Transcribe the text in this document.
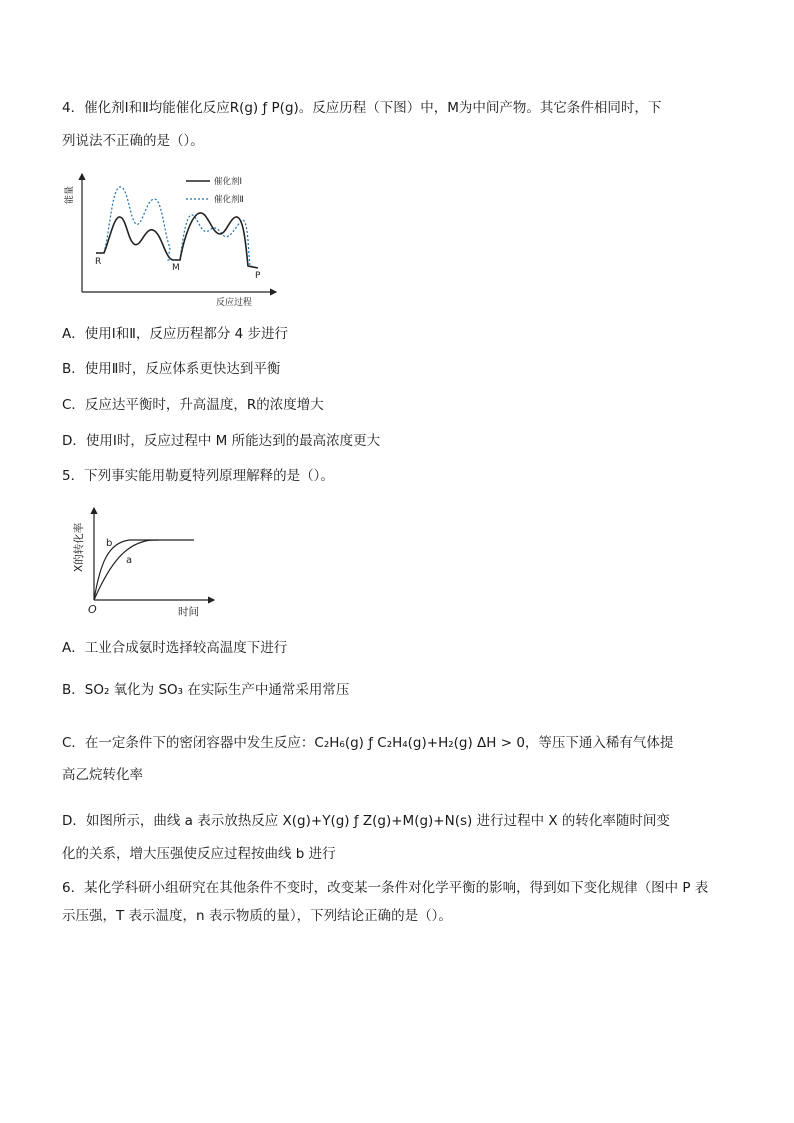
4．催化剂Ⅰ和Ⅱ均能催化反应R(g) ƒ P(g)。反应历程（下图）中，M为中间产物。其它条件相同时，下
列说法不正确的是（）。
能量
反应过程
催化剂Ⅰ
催化剂Ⅱ
R
M
P
A．使用Ⅰ和Ⅱ，反应历程都分 4 步进行
B．使用Ⅱ时，反应体系更快达到平衡
C．反应达平衡时，升高温度，R的浓度增大
D．使用Ⅰ时，反应过程中 M 所能达到的最高浓度更大
5．下列事实能用勒夏特列原理解释的是（）。
X的转化率
时间
O
b
a
A．工业合成氨时选择较高温度下进行
B．SO₂ 氧化为 SO₃ 在实际生产中通常采用常压
C．在一定条件下的密闭容器中发生反应：C₂H₆(g) ƒ C₂H₄(g)+H₂(g) ΔH > 0，等压下通入稀有气体提
高乙烷转化率
D．如图所示，曲线 a 表示放热反应 X(g)+Y(g) ƒ Z(g)+M(g)+N(s) 进行过程中 X 的转化率随时间变
化的关系，增大压强使反应过程按曲线 b 进行
6．某化学科研小组研究在其他条件不变时，改变某一条件对化学平衡的影响，得到如下变化规律（图中 P 表
示压强，T 表示温度，n 表示物质的量），下列结论正确的是（）。
